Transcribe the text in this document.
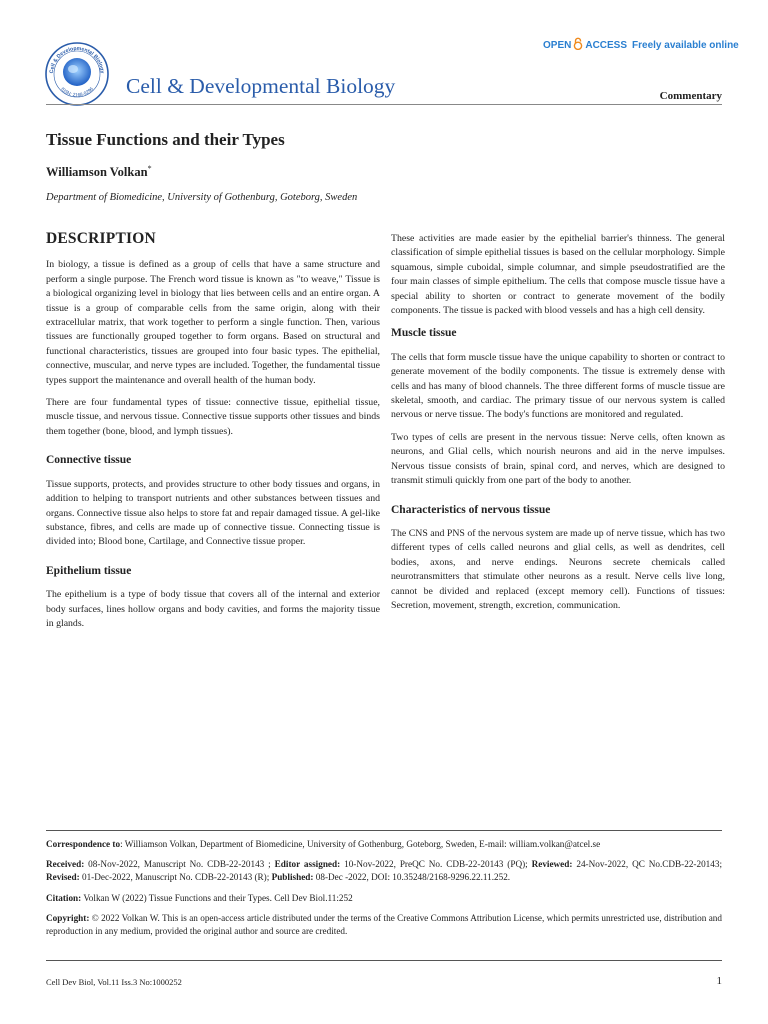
Cell & Developmental Biology
ISSN: 2168-9296 Cell & Developmental Biology
OPEN ACCESS Freely available online
Commentary
Tissue Functions and their Types
Williamson Volkan*
Department of Biomedicine, University of Gothenburg, Goteborg, Sweden
DESCRIPTION

In biology, a tissue is defined as a group of cells that have a same structure and perform a single purpose. The French word tissue is known as "to weave," Tissue is a biological organizing level in biology that lies between cells and an entire organ. A tissue is a group of comparable cells from the same origin, along with their extracellular matrix, that work together to perform a single function. Then, various tissues are functionally grouped together to form organs. Based on structural and functional characteristics, tissues are grouped into four basic types. The epithelial, connective, muscular, and nerve types are included. Together, the fundamental tissue types support the maintenance and overall health of the human body.

There are four fundamental types of tissue: connective tissue, epithelial tissue, muscle tissue, and nervous tissue. Connective tissue supports other tissues and binds them together (bone, blood, and lymph tissues).

Connective tissue

Tissue supports, protects, and provides structure to other body tissues and organs, in addition to helping to transport nutrients and other substances between tissues and organs. Connective tissue also helps to store fat and repair damaged tissue. A gel-like substance, fibres, and cells are made up of connective tissue. Connecting tissue is divided into; Blood bone, Cartilage, and Connective tissue proper.

Epithelium tissue

The epithelium is a type of body tissue that covers all of the internal and exterior body surfaces, lines hollow organs and body cavities, and forms the majority tissue in glands.

These activities are made easier by the epithelial barrier's thinness. The general classification of simple epithelial tissues is based on the cellular morphology. Simple squamous, simple cuboidal, simple columnar, and simple pseudostratified are the four main classes of simple epithelium. The cells that compose muscle tissue have a special ability to shorten or contract to generate movement of the bodily components. The tissue is packed with blood vessels and has a high cell density.

Muscle tissue

The cells that form muscle tissue have the unique capability to shorten or contract to generate movement of the bodily components. The tissue is extremely dense with cells and has many of blood channels. The three different forms of muscle tissue are skeletal, smooth, and cardiac. The primary tissue of our nervous system is called nervous or nerve tissue. The body's functions are monitored and regulated.

Two types of cells are present in the nervous tissue: Nerve cells, often known as neurons, and Glial cells, which nourish neurons and aid in the nerve impulses. Nervous tissue consists of brain, spinal cord, and nerves, which are designed to transmit stimuli quickly from one part of the body to another.

Characteristics of nervous tissue

The CNS and PNS of the nervous system are made up of nerve tissue, which has two different types of cells called neurons and glial cells, as well as dendrites, cell bodies, axons, and nerve endings. Neurons secrete chemicals called neurotransmitters that stimulate other neurons as a result. Nerve cells live long, cannot be divided and replaced (except memory cell). Functions of tissues: Secretion, movement, strength, excretion, communication.

Correspondence to: Williamson Volkan, Department of Biomedicine, University of Gothenburg, Goteborg, Sweden, E-mail: william.volkan@atcel.se

Received: 08-Nov-2022, Manuscript No. CDB-22-20143 ; Editor assigned: 10-Nov-2022, PreQC No. CDB-22-20143 (PQ); Reviewed: 24-Nov-2022, QC No.CDB-22-20143; Revised: 01-Dec-2022, Manuscript No. CDB-22-20143 (R); Published: 08-Dec -2022, DOI: 10.35248/2168-9296.22.11.252.

Citation: Volkan W (2022) Tissue Functions and their Types. Cell Dev Biol.11:252

Copyright: © 2022 Volkan W. This is an open-access article distributed under the terms of the Creative Commons Attribution License, which permits unrestricted use, distribution and reproduction in any medium, provided the original author and source are credited.

Cell Dev Biol, Vol.11 Iss.3 No:1000252	1
